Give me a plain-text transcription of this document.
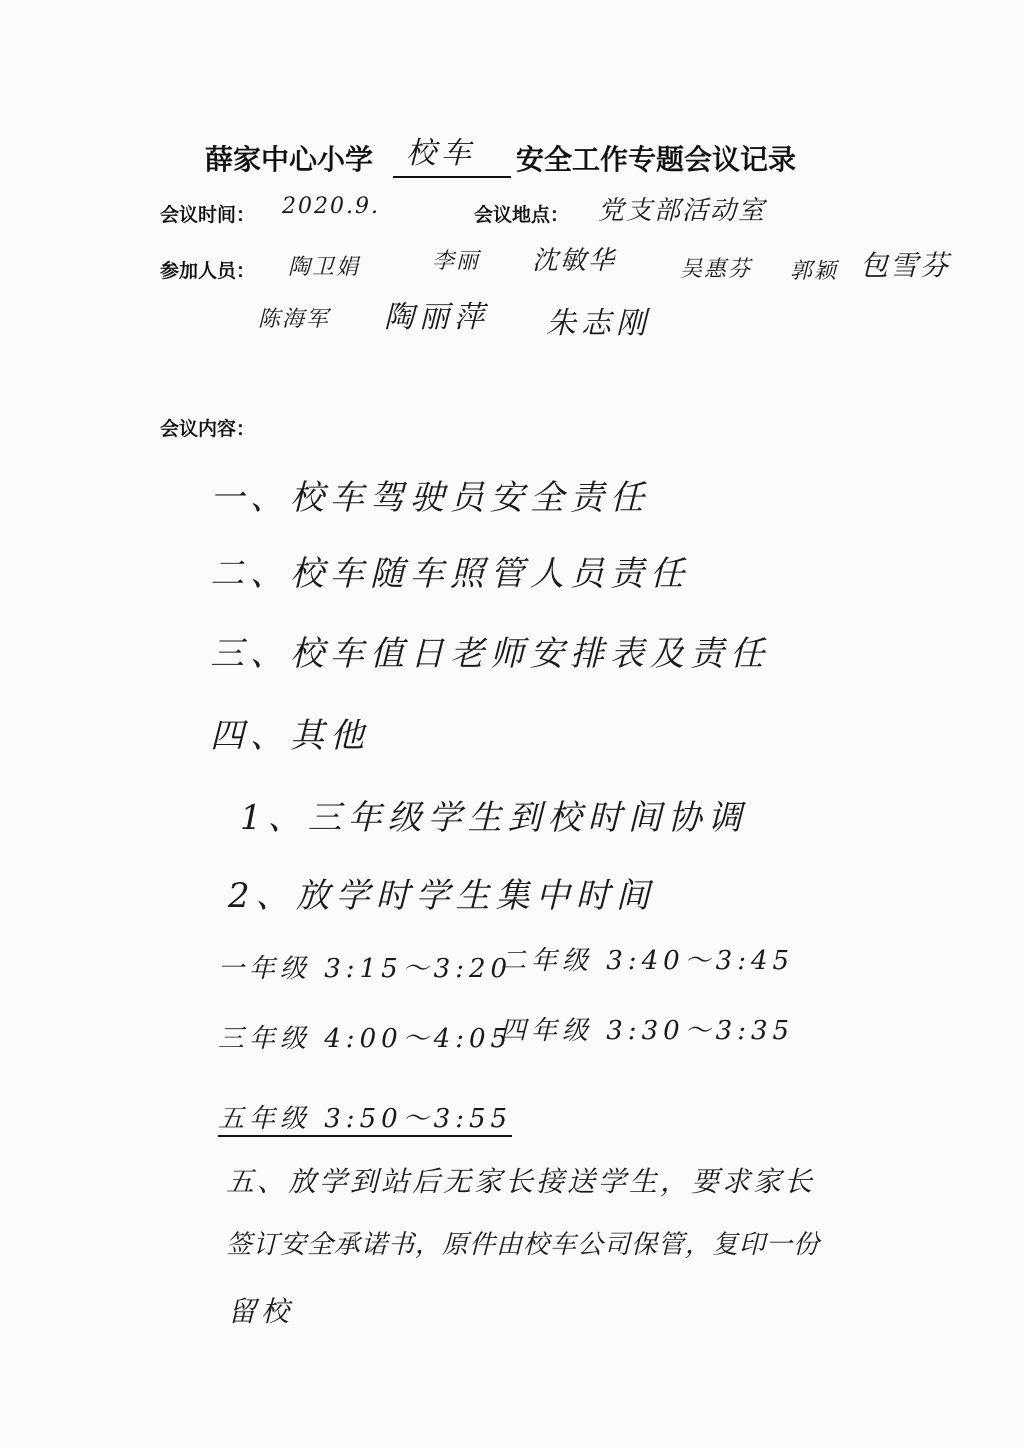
薛家中心小学 校车 安全工作专题会议记录
会议时间： 2020.9.	会议地点： 党支部活动室
参加人员： 陶卫娟	李丽 沈敏华	吴惠芬 郭颖 包雪芬
陈海军 陶丽萍 朱志刚
会议内容：
一、校车驾驶员安全责任
二、校车随车照管人员责任
三、校车值日老师安排表及责任
四、其他
1、三年级学生到校时间协调
2、放学时学生集中时间
一年级 3:15～3:20
二年级 3:40～3:45
三年级 4:00～4:05
四年级 3:30～3:35
五年级 3:50～3:55
五、放学到站后无家长接送学生，要求家长
签订安全承诺书，原件由校车公司保管，复印一份
留校
